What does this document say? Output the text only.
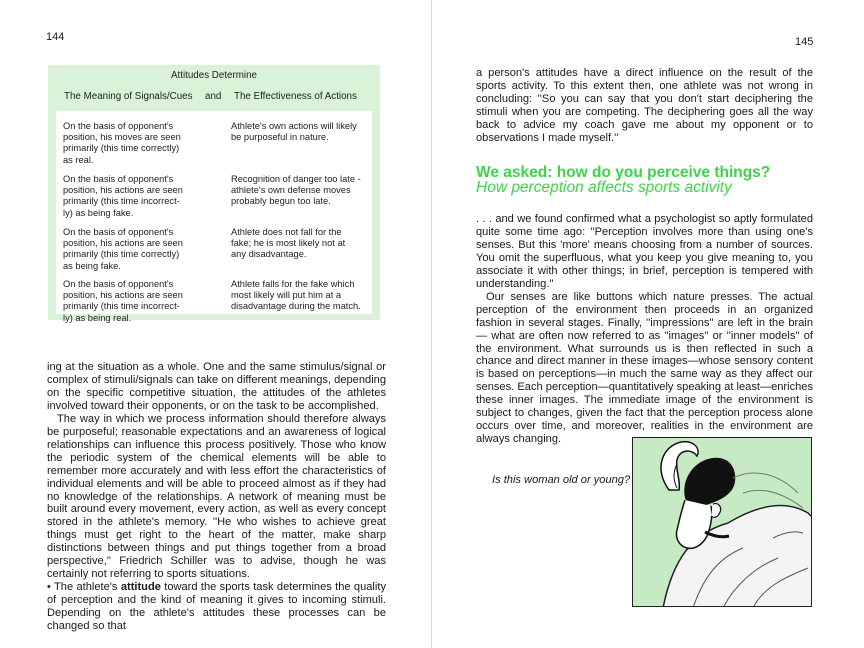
144	145
Attitudes Determine
The Meaning of Signals/Cues and The Effectiveness of Actions
On the basis of opponent's
position, his moves are seen
primarily (this time correctly)
as real.
Athlete's own actions will likely
be purposeful in nature.
On the basis of opponent's
position, his actions are seen
primarily (this time incorrect-
ly) as being fake.
Recognition of danger too late -
athlete's own defense moves
probably begun too late.
On the basis of opponent's
position, his actions are seen
primarily (this time correctly)
as being fake.
Athlete does not fall for the
fake; he is most likely not at
any disadvantage.
On the basis of opponent's
position, his actions are seen
primarily (this time incorrect-
ly) as being real.
Athlete falls for the fake which
most likely will put him at a
disadvantage during the match.

ing at the situation as a whole. One and the same stimulus/signal or complex of stimuli/signals can take on different meanings, depending on the specific competitive situation, the attitudes of the athletes involved toward their opponents, or on the task to be accomplished.

The way in which we process information should therefore always be purposeful; reasonable expectations and an awareness of logical relationships can influence this process positively. Those who know the periodic system of the chemical elements will be able to remember more accurately and with less effort the characteristics of individual elements and will be able to proceed almost as if they had no knowledge of the relationships. A network of meaning must be built around every movement, every action, as well as every concept stored in the athlete's memory. ''He who wishes to achieve great things must get right to the heart of the matter, make sharp distinctions between things and put things together from a broad perspective,'' Friedrich Schiller was to advise, though he was certainly not referring to sports situations.

• The athlete's attitude toward the sports task determines the quality of perception and the kind of meaning it gives to incoming stimuli. Depending on the athlete's attitudes these processes can be changed so that

a person's attitudes have a direct influence on the result of the sports activity. To this extent then, one athlete was not wrong in concluding: ''So you can say that you don't start deciphering the stimuli when you are competing. The deciphering goes all the way back to advice my coach gave me about my opponent or to observations I made myself.''

We asked: how do you perceive things?
How perception affects sports activity

. . . and we found confirmed what a psychologist so aptly formulated quite some time ago: ''Perception involves more than using one's senses. But this 'more' means choosing from a number of sources. You omit the superfluous, what you keep you give meaning to, you associate it with other things; in brief, perception is tempered with understanding.''

Our senses are like buttons which nature presses. The actual perception of the environment then proceeds in an organized fashion in several stages. Finally, ''impressions'' are left in the brain — what are often now referred to as ''images'' or ''inner models'' of the environment. What surrounds us is then reflected in such a chance and direct manner in these images—whose sensory content is based on perceptions—in much the same way as they affect our senses. Each perception—quantitatively speaking at least—enriches these inner images. The immediate image of the environment is subject to changes, given the fact that the perception process alone occurs over time, and moreover, realities in the environment are always changing.

Is this woman old or young?
